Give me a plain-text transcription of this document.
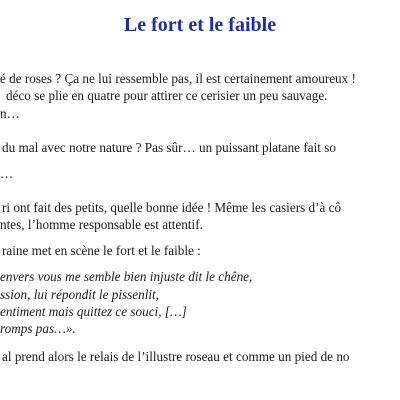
Le fort et le faible
é de roses ? Ça ne lui ressemble pas, il est certainement amoureux !
déco se plie en quatre pour attirer ce cerisier un peu sauvage.
n…
du mal avec notre nature ? Pas sûr… un puissant platane fait so
…
ri ont fait des petits, quelle bonne idée ! Même les casiers d’à cô
ntes, l’homme responsable est attentif.
raine met en scène le fort et le faible :
envers vous me semble bien injuste dit le chêne,
ssion, lui répondit le pissenlit,
entiment mais quittez ce souci, […]
romps pas…».
al prend alors le relais de l’illustre roseau et comme un pied de no
